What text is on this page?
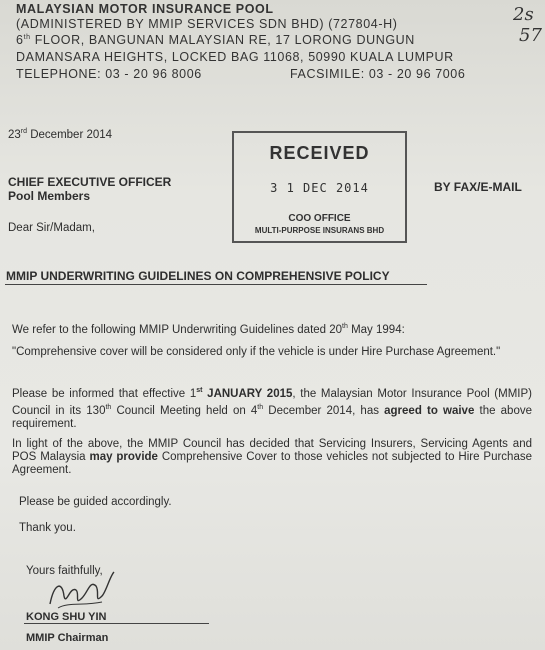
MALAYSIAN MOTOR INSURANCE POOL
(ADMINISTERED BY MMIP SERVICES SDN BHD) (727804-H)
6th FLOOR, BANGUNAN MALAYSIAN RE, 17 LORONG DUNGUN
DAMANSARA HEIGHTS, LOCKED BAG 11068, 50990 KUALA LUMPUR
TELEPHONE: 03 - 20 96 8006	FACSIMILE: 03 - 20 96 7006
2s
57
23rd December 2014
CHIEF EXECUTIVE OFFICER
Pool Members
BY FAX/E-MAIL
RECEIVED
3 1 DEC 2014
COO OFFICE
MULTI-PURPOSE INSURANS BHD
Dear Sir/Madam,
MMIP UNDERWRITING GUIDELINES ON COMPREHENSIVE POLICY
We refer to the following MMIP Underwriting Guidelines dated 20th May 1994:
"Comprehensive cover will be considered only if the vehicle is under Hire Purchase Agreement."
Please be informed that effective 1st JANUARY 2015, the Malaysian Motor Insurance Pool (MMIP) Council in its 130th Council Meeting held on 4th December 2014, has agreed to waive the above requirement.
In light of the above, the MMIP Council has decided that Servicing Insurers, Servicing Agents and POS Malaysia may provide Comprehensive Cover to those vehicles not subjected to Hire Purchase Agreement.
Please be guided accordingly.
Thank you.
Yours faithfully,
KONG SHU YIN
MMIP Chairman
